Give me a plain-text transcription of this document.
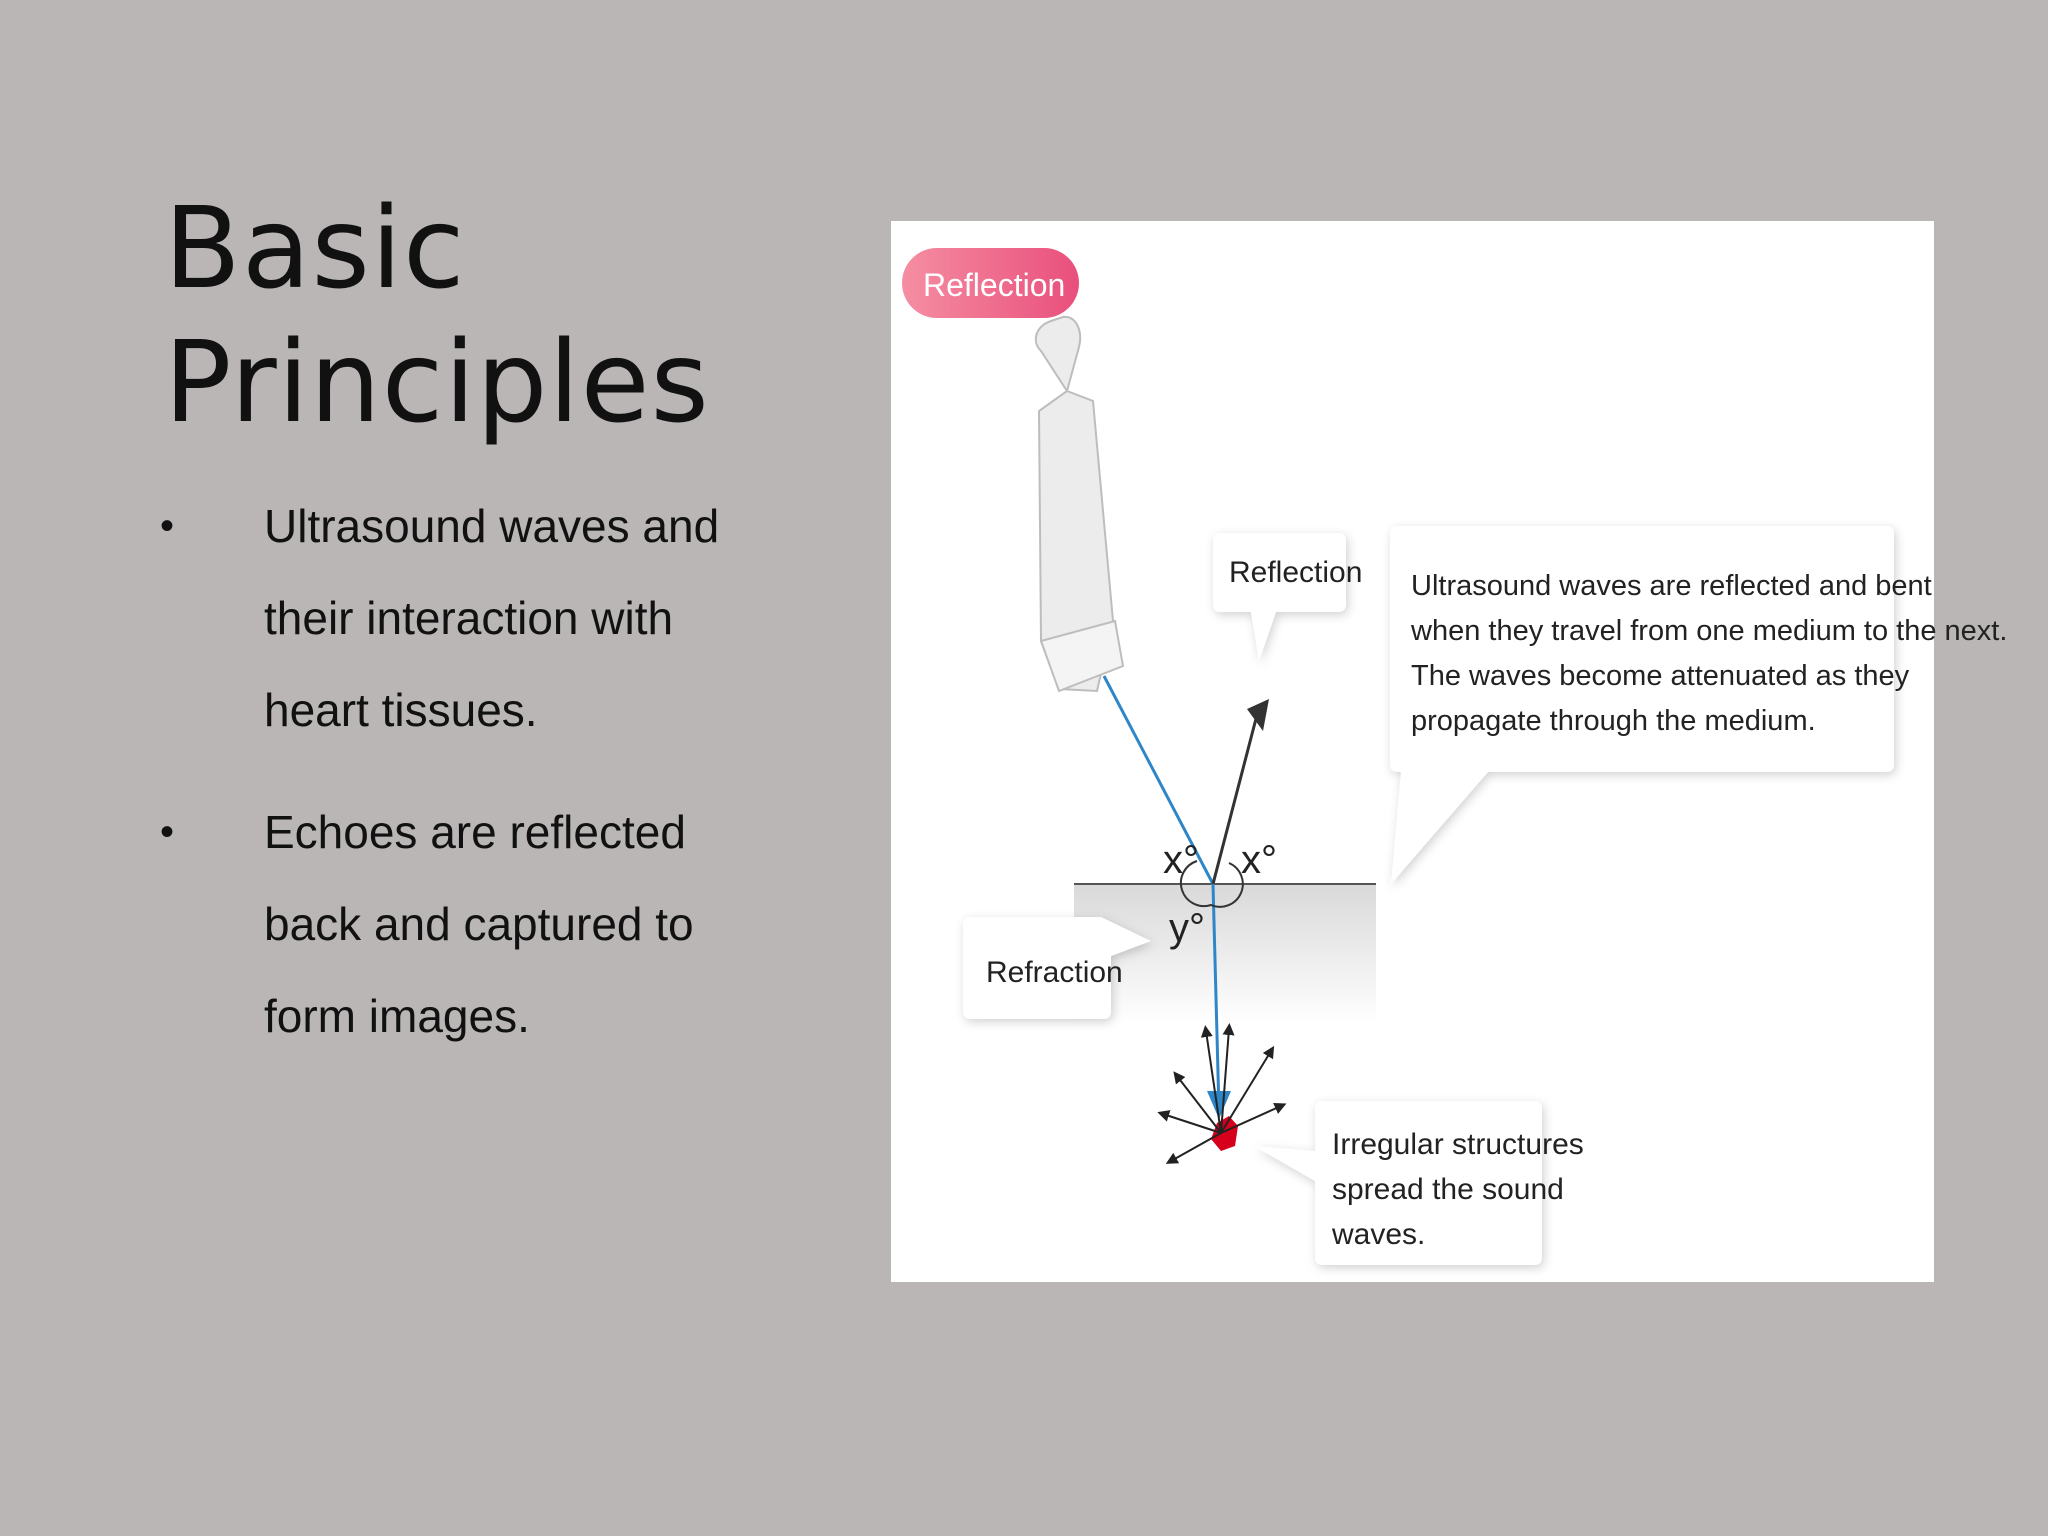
Basic
Principles
• Ultrasound waves and
their interaction with
heart tissues.
• Echoes are reflected
back and captured to
form images.
Reflection
x° x°
y°
Reflection Ultrasound waves are reflected and bent
when they travel from one medium to the next.
The waves become attenuated as they
propagate through the medium.
Refraction
Irregular structures
spread the sound
waves.
